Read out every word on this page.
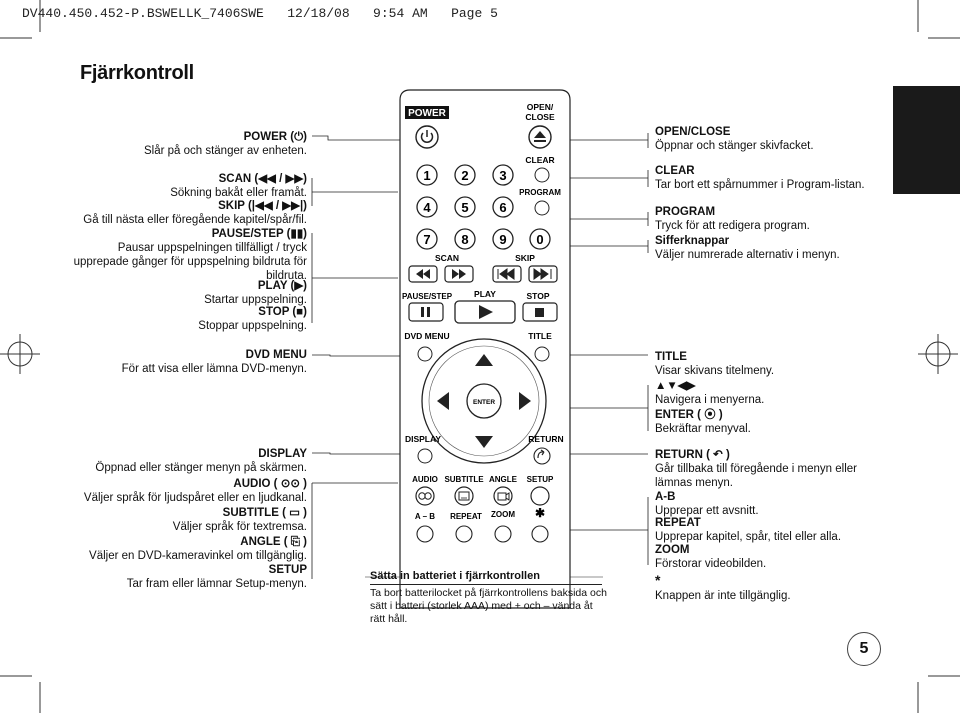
DV440.450.452-P.BSWELLK_7406SWE   12/18/08   9:54 AM   Page 5
Fjärrkontroll
POWER (⏻)
Slår på och stänger av enheten.
SCAN (◀◀ / ▶▶)
Sökning bakåt eller framåt.
SKIP (|◀◀ / ▶▶|)
Gå till nästa eller föregående kapitel/spår/fil.
PAUSE/STEP (▮▮)
Pausar uppspelningen tillfälligt / tryck
upprepade gånger för uppspelning bildruta för
bildruta.
PLAY (▶)
Startar uppspelning.
STOP (■)
Stoppar uppspelning.
DVD MENU
För att visa eller lämna DVD-menyn.
DISPLAY
Öppnad eller stänger menyn på skärmen.
AUDIO ( ⊙⊙ )
Väljer språk för ljudspåret eller en ljudkanal.
SUBTITLE ( ▭ )
Väljer språk för textremsa.
ANGLE ( ⎘ )
Väljer en DVD-kameravinkel om tillgänglig.
SETUP
Tar fram eller lämnar Setup-menyn.
OPEN/CLOSE
Öppnar och stänger skivfacket.
CLEAR
Tar bort ett spårnummer i Program-listan.
PROGRAM
Tryck för att redigera program.
Sifferknappar
Väljer numrerade alternativ i menyn.
TITLE
Visar skivans titelmeny.
▲▼◀▶
Navigera i menyerna.
ENTER ( ⦿ )
Bekräftar menyval.
RETURN ( ↶ )
Går tillbaka till föregående i menyn eller
lämnas menyn.
A-B
Upprepar ett avsnitt.
REPEAT
Upprepar kapitel, spår, titel eller alla.
ZOOM
Förstorar videobilden.
*
Knappen är inte tillgänglig.
POWER
OPEN/
CLOSE
CLEAR
PROGRAM
1 2 3
4 5 6
7 8 9 0
SCAN	SKIP
PAUSE/STEP	PLAY	STOP
DVD MENU	TITLE
ENTER
DISPLAY	RETURN
AUDIO SUBTITLE ANGLE SETUP
A – B REPEAT ZOOM ✱
Sätta in batteriet i fjärrkontrollen
Ta bort batterilocket på fjärrkontrollens baksida och sätt i batteri (storlek AAA) med + och – vända åt rätt håll.
5
